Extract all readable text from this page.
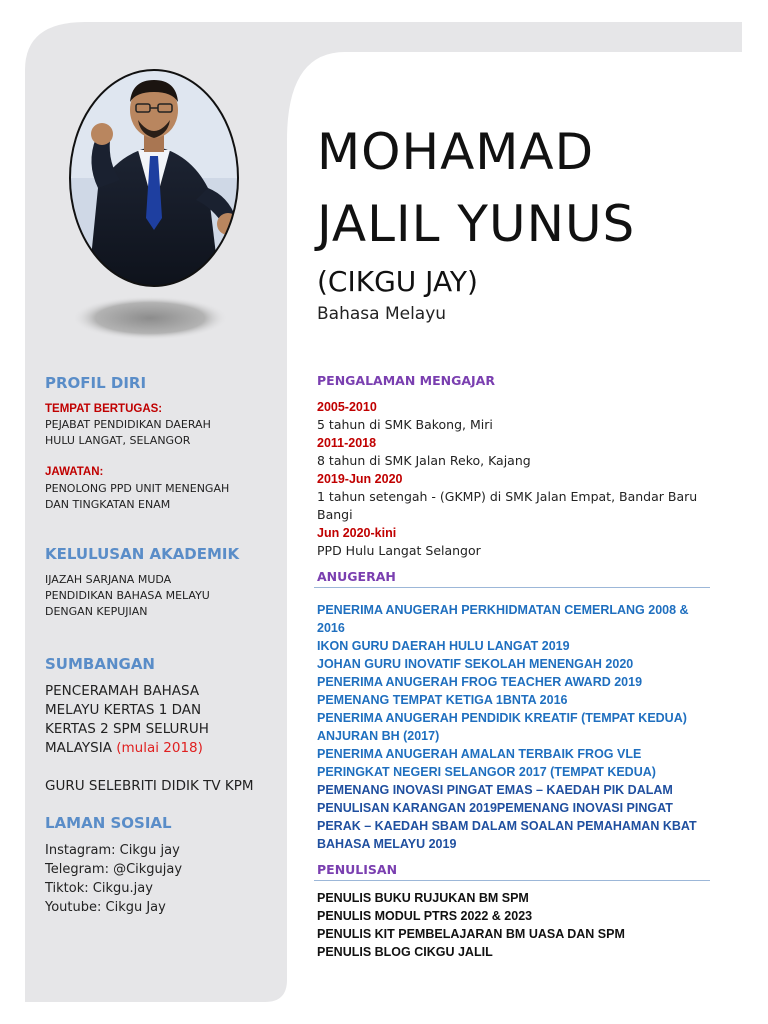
MOHAMAD
JALIL YUNUS
(CIKGU JAY)
Bahasa Melayu
PROFIL DIRI
TEMPAT BERTUGAS:
PEJABAT PENDIDIKAN DAERAH
HULU LANGAT, SELANGOR
JAWATAN:
PENOLONG PPD UNIT MENENGAH
DAN TINGKATAN ENAM
KELULUSAN AKADEMIK
IJAZAH SARJANA MUDA
PENDIDIKAN BAHASA MELAYU
DENGAN KEPUJIAN
SUMBANGAN
PENCERAMAH BAHASA
MELAYU KERTAS 1 DAN
KERTAS 2 SPM SELURUH
MALAYSIA (mulai 2018)
GURU SELEBRITI DIDIK TV KPM
LAMAN SOSIAL
Instagram: Cikgu jay
Telegram: @Cikgujay
Tiktok: Cikgu.jay
Youtube: Cikgu Jay
PENGALAMAN MENGAJAR
2005-2010
5 tahun di SMK Bakong, Miri
2011-2018
8 tahun di SMK Jalan Reko, Kajang
2019-Jun 2020
1 tahun setengah - (GKMP) di SMK Jalan Empat, Bandar Baru Bangi
Jun 2020-kini
PPD Hulu Langat Selangor
ANUGERAH
PENERIMA ANUGERAH PERKHIDMATAN CEMERLANG 2008 & 2016
IKON GURU DAERAH HULU LANGAT 2019
JOHAN GURU INOVATIF SEKOLAH MENENGAH 2020
PENERIMA ANUGERAH FROG TEACHER AWARD 2019
PEMENANG TEMPAT KETIGA 1BNTA 2016
PENERIMA ANUGERAH PENDIDIK KREATIF (TEMPAT KEDUA) ANJURAN BH (2017)
PENERIMA ANUGERAH AMALAN TERBAIK FROG VLE PERINGKAT NEGERI SELANGOR 2017 (TEMPAT KEDUA)
PEMENANG INOVASI PINGAT EMAS – KAEDAH PIK DALAM PENULISAN KARANGAN 2019PEMENANG INOVASI PINGAT PERAK – KAEDAH SBAM DALAM SOALAN PEMAHAMAN KBAT BAHASA MELAYU 2019
PENULISAN
PENULIS BUKU RUJUKAN BM SPM
PENULIS MODUL PTRS 2022 & 2023
PENULIS KIT PEMBELAJARAN BM UASA DAN SPM
PENULIS BLOG CIKGU JALIL
